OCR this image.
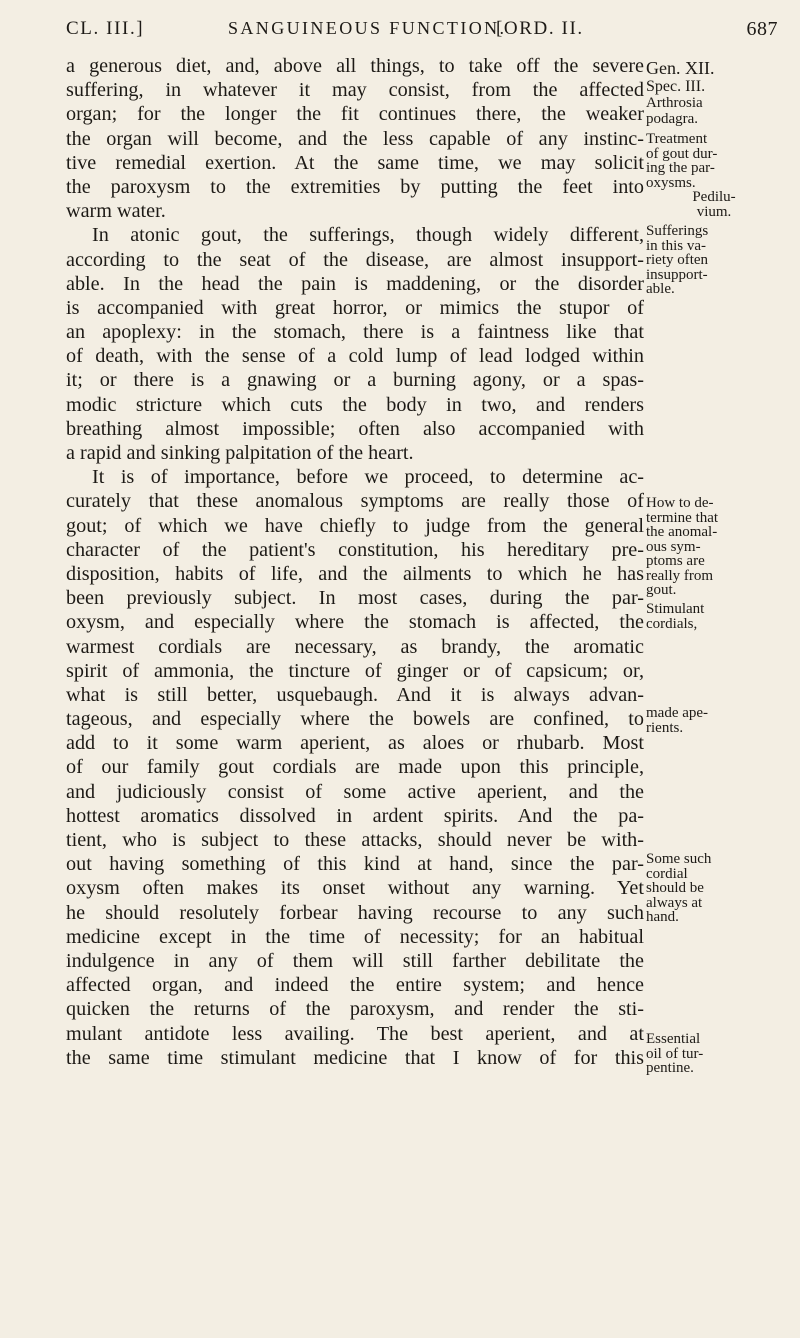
CL. III.]	SANGUINEOUS FUNCTION.
[ORD. II.	687
a generous diet, and, above all things, to take off the severe
suffering, in whatever it may consist, from the affected
organ; for the longer the fit continues there, the weaker
the organ will become, and the less capable of any instinc-
tive remedial exertion. At the same time, we may solicit
the paroxysm to the extremities by putting the feet into
warm water.
In atonic gout, the sufferings, though widely different,
according to the seat of the disease, are almost insupport-
able. In the head the pain is maddening, or the disorder
is accompanied with great horror, or mimics the stupor of
an apoplexy: in the stomach, there is a faintness like that
of death, with the sense of a cold lump of lead lodged within
it; or there is a gnawing or a burning agony, or a spas-
modic stricture which cuts the body in two, and renders
breathing almost impossible; often also accompanied with
a rapid and sinking palpitation of the heart.
It is of importance, before we proceed, to determine ac-
curately that these anomalous symptoms are really those of
gout; of which we have chiefly to judge from the general
character of the patient's constitution, his hereditary pre-
disposition, habits of life, and the ailments to which he has
been previously subject. In most cases, during the par-
oxysm, and especially where the stomach is affected, the
warmest cordials are necessary, as brandy, the aromatic
spirit of ammonia, the tincture of ginger or of capsicum; or,
what is still better, usquebaugh. And it is always advan-
tageous, and especially where the bowels are confined, to
add to it some warm aperient, as aloes or rhubarb. Most
of our family gout cordials are made upon this principle,
and judiciously consist of some active aperient, and the
hottest aromatics dissolved in ardent spirits. And the pa-
tient, who is subject to these attacks, should never be with-
out having something of this kind at hand, since the par-
oxysm often makes its onset without any warning. Yet
he should resolutely forbear having recourse to any such
medicine except in the time of necessity; for an habitual
indulgence in any of them will still farther debilitate the
affected organ, and indeed the entire system; and hence
quicken the returns of the paroxysm, and render the sti-
mulant antidote less availing. The best aperient, and at
the same time stimulant medicine that I know of for this
Gen. XII.
Spec. III.
Arthrosia
podagra.
Treatment
of gout dur-
ing the par-
oxysms.
Pedilu-
vium.
Sufferings
in this va-
riety often
insupport-
able.
How to de-
termine that
the anomal-
ous sym-
ptoms are
really from
gout.
Stimulant
cordials,
made ape-
rients.
Some such
cordial
should be
always at
hand.
Essential
oil of tur-
pentine.
